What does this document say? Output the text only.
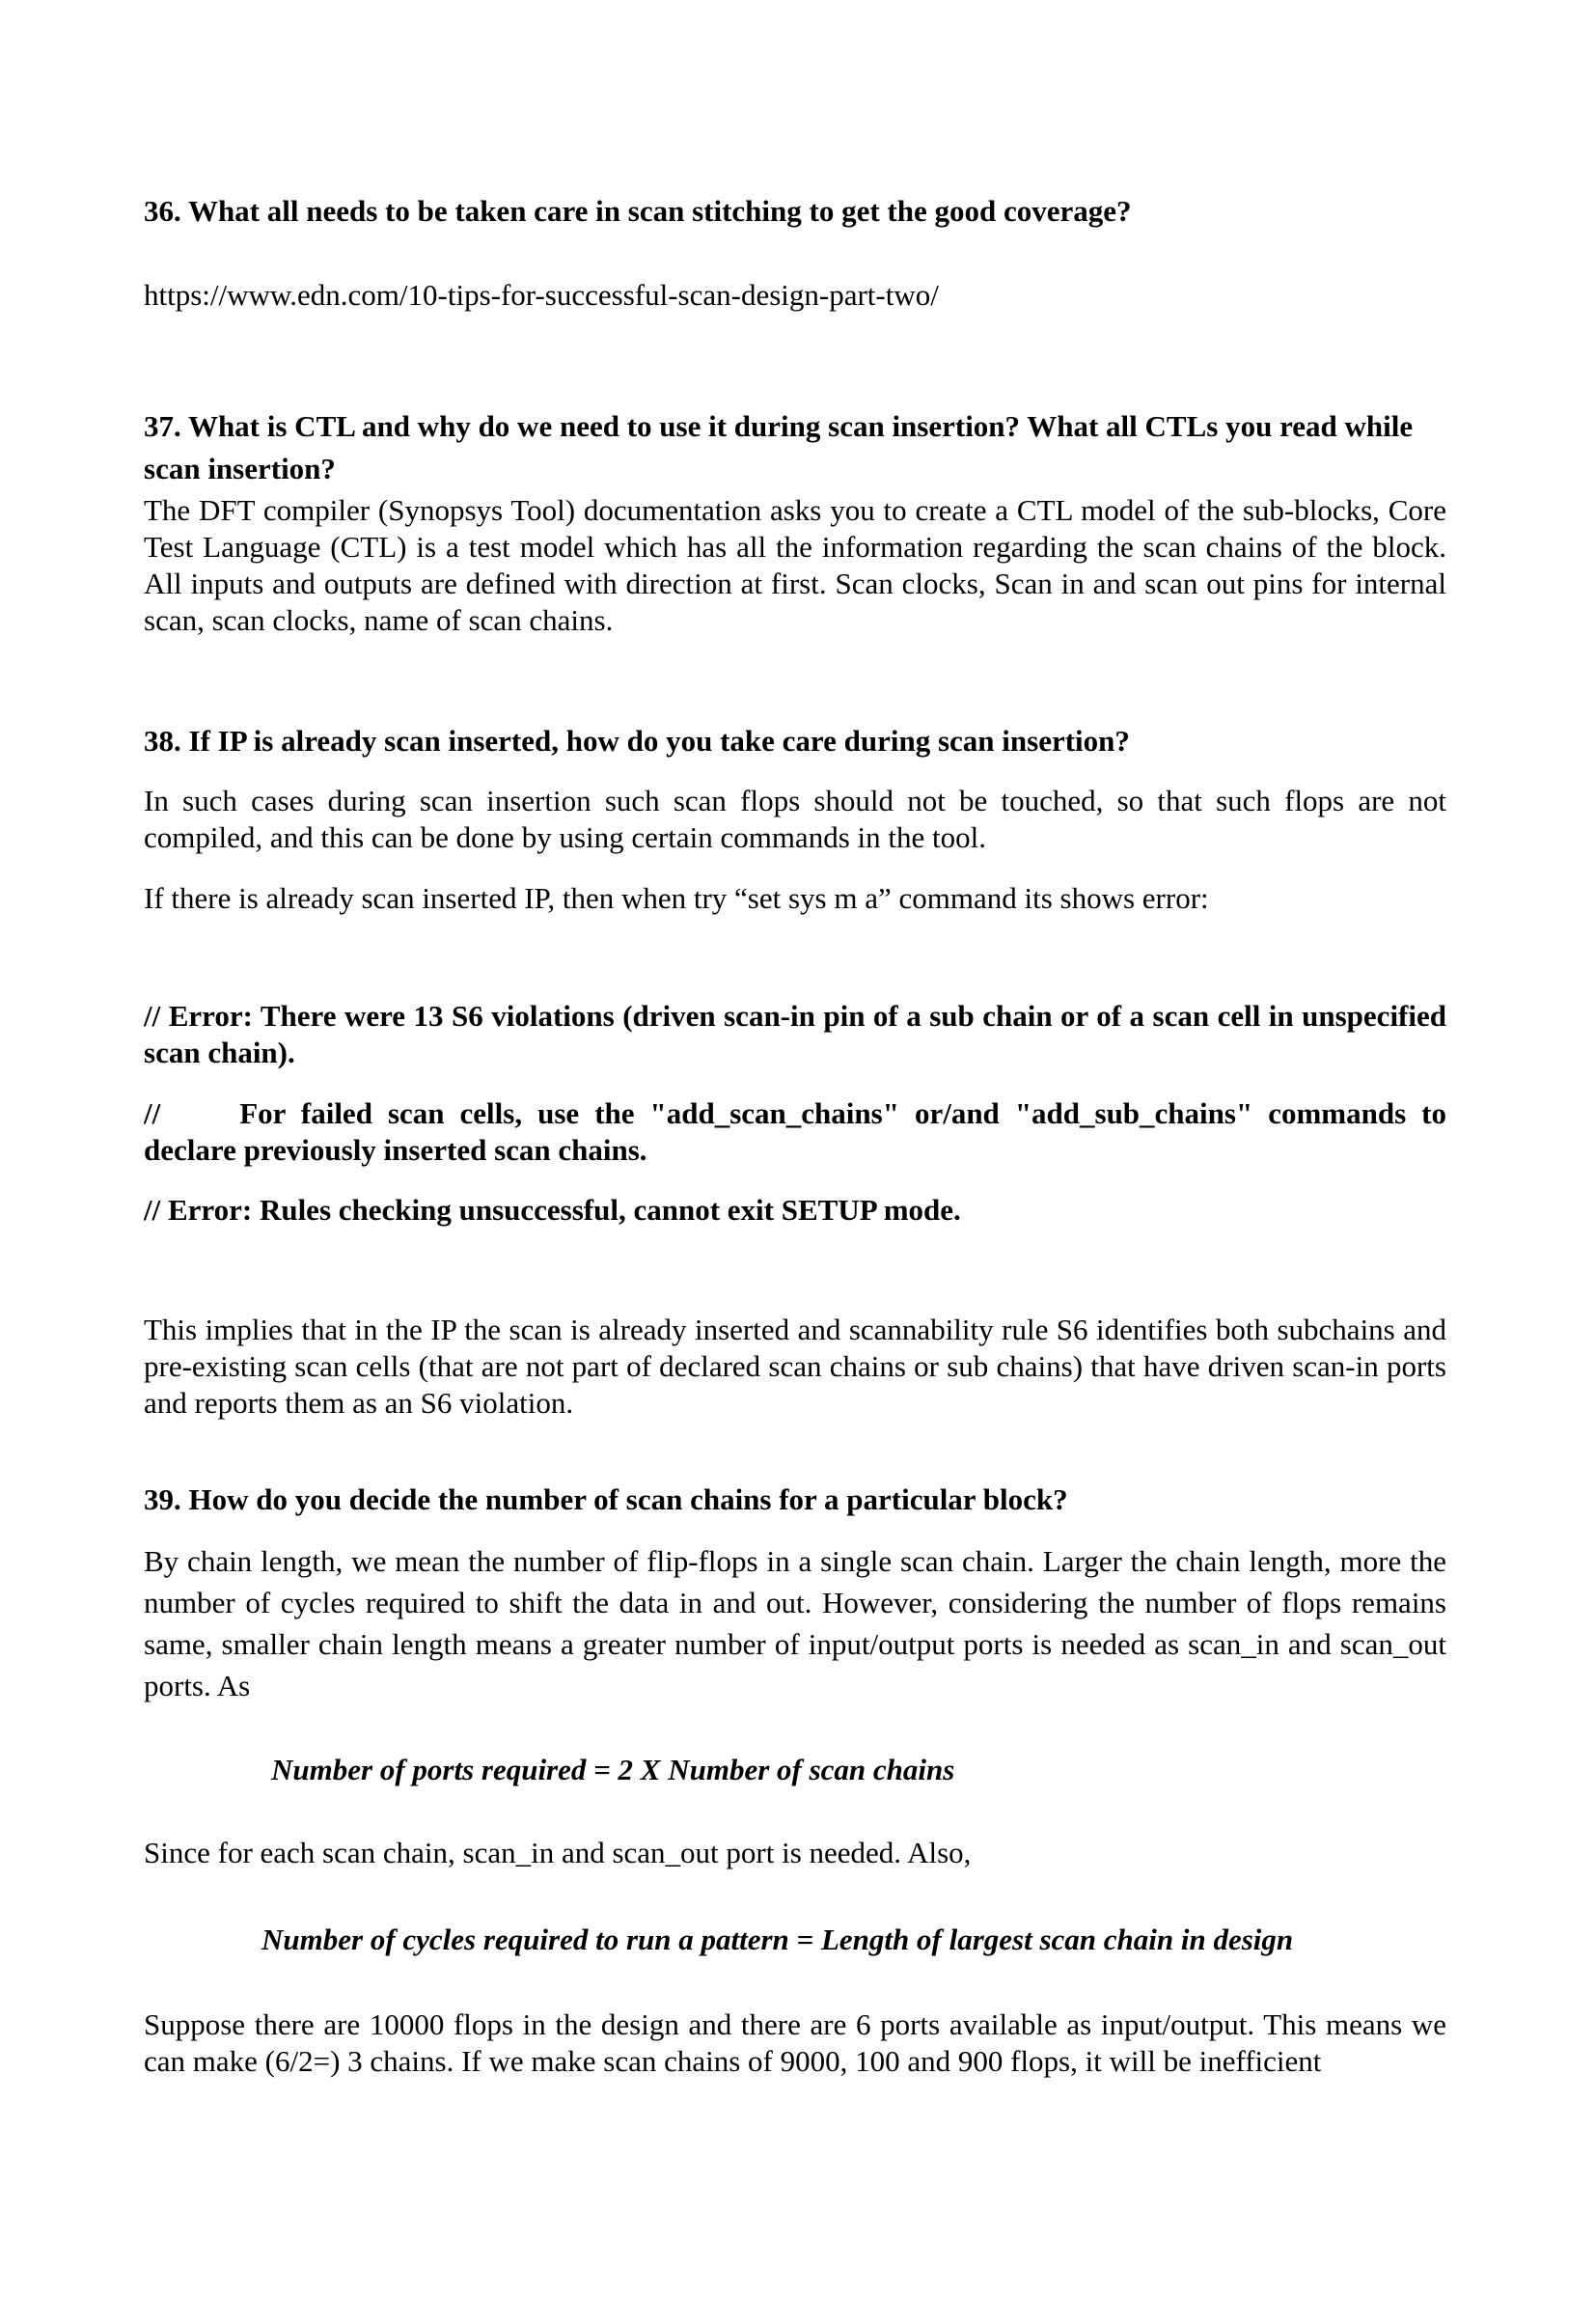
36. What all needs to be taken care in scan stitching to get the good coverage?

https://www.edn.com/10-tips-for-successful-scan-design-part-two/

37. What is CTL and why do we need to use it during scan insertion? What all CTLs you read while scan insertion?

The DFT compiler (Synopsys Tool) documentation asks you to create a CTL model of the sub-blocks, Core Test Language (CTL) is a test model which has all the information regarding the scan chains of the block. All inputs and outputs are defined with direction at first. Scan clocks, Scan in and scan out pins for internal scan, scan clocks, name of scan chains.

38. If IP is already scan inserted, how do you take care during scan insertion?

In such cases during scan insertion such scan flops should not be touched, so that such flops are not compiled, and this can be done by using certain commands in the tool.

If there is already scan inserted IP, then when try “set sys m a” command its shows error:

// Error: There were 13 S6 violations (driven scan-in pin of a sub chain or of a scan cell in unspecified scan chain).

//	For failed scan cells, use the "add_scan_chains" or/and "add_sub_chains" commands to declare previously inserted scan chains.

// Error: Rules checking unsuccessful, cannot exit SETUP mode.

This implies that in the IP the scan is already inserted and scannability rule S6 identifies both subchains and pre-existing scan cells (that are not part of declared scan chains or sub chains) that have driven scan-in ports and reports them as an S6 violation.

39. How do you decide the number of scan chains for a particular block?

By chain length, we mean the number of flip-flops in a single scan chain. Larger the chain length, more the number of cycles required to shift the data in and out. However, considering the number of flops remains same, smaller chain length means a greater number of input/output ports is needed as scan_in and scan_out ports. As

Number of ports required = 2 X Number of scan chains

Since for each scan chain, scan_in and scan_out port is needed. Also,

Number of cycles required to run a pattern = Length of largest scan chain in design

Suppose there are 10000 flops in the design and there are 6 ports available as input/output. This means we can make (6/2=) 3 chains. If we make scan chains of 9000, 100 and 900 flops, it will be inefficient
